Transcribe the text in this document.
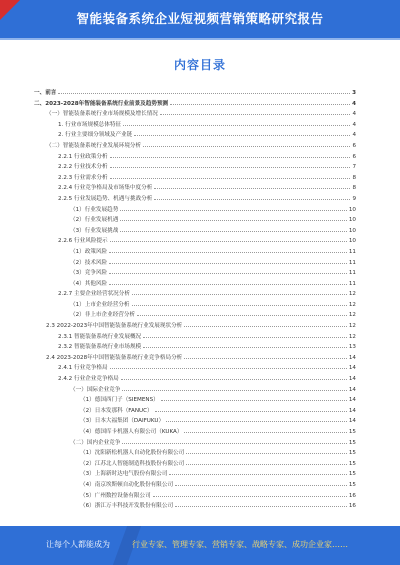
智能装备系统企业短视频营销策略研究报告
内容目录
一、前言	3
二、2023-2028年智能装备系统行业前景及趋势预测	4
（一）智能装备系统行业市场规模及增长情况	4
1. 行业市场规模总体特征	4
2. 行业主要细分领域及产业链	4
（二）智能装备系统行业发展环境分析	6
2.2.1 行业政策分析	6
2.2.2 行业技术分析	7
2.2.3 行业需求分析	8
2.2.4 行业竞争格局及市场集中度分析	8
2.2.5 行业发展趋势、机遇与挑战分析	9
（1）行业发展趋势	10
（2）行业发展机遇	10
（3）行业发展挑战	10
2.2.6 行业风险提示	10
（1）政策风险	11
（2）技术风险	11
（3）竞争风险	11
（4）其他风险	11
2.2.7 主要企业经营状况分析	12
（1）上市企业经营分析	12
（2）非上市企业经营分析	12
2.3 2022-2023年中国智能装备系统行业发展现状分析	12
2.3.1 智能装备系统行业发展概况	12
2.3.2 智能装备系统行业市场规模	13
2.4 2023-2028年中国智能装备系统行业竞争格局分析	14
2.4.1 行业竞争格局	14
2.4.2 行业企业竞争格局	14
（一）国际企业竞争	14
（1）德国西门子（SIEMENS）	14
（2）日本发那科（FANUC）	14
（3）日本大福集团（DAIFUKU）	14
（4）德国库卡机器人有限公司（KUKA）	15
（二）国内企业竞争	15
（1）沈阳新松机器人自动化股份有限公司	15
（2）江苏北人智能制造科技股份有限公司	15
（3）上海新时达电气股份有限公司	15
（4）南京埃斯顿自动化股份有限公司	15
（5）广州数控设备有限公司	16
（6）浙江万丰科技开发股份有限公司	16
让每个人都能成为	行业专家、管理专家、营销专家、战略专家、成功企业家……
